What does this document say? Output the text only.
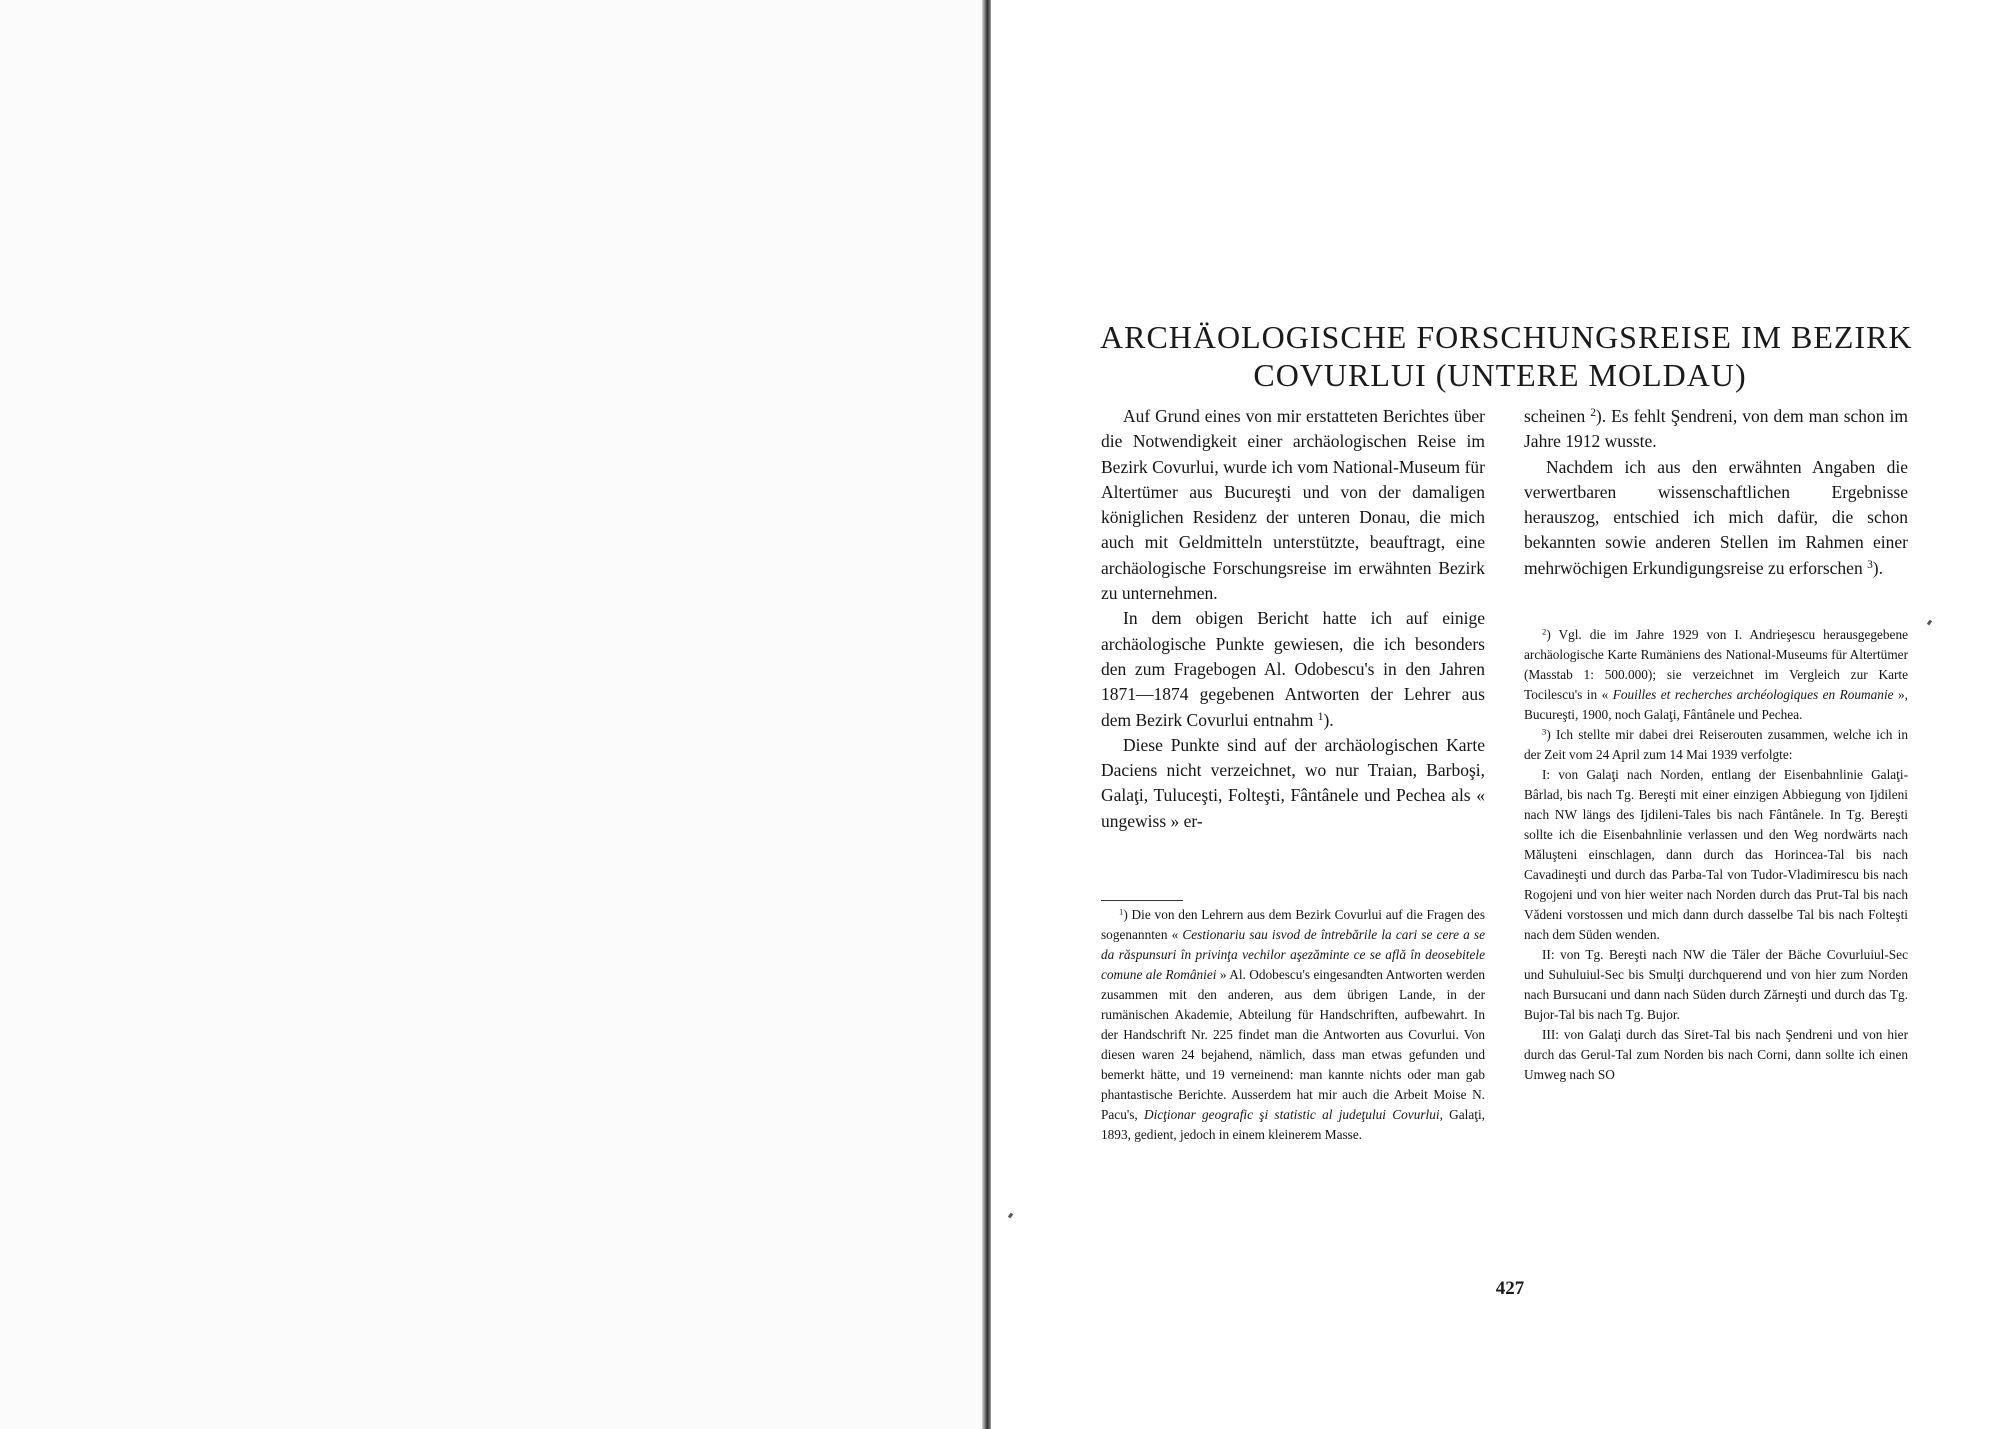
ARCHÄOLOGISCHE FORSCHUNGSREISE IM BEZIRK
COVURLUI (UNTERE MOLDAU)

Auf Grund eines von mir erstatteten Berichtes über die Notwendigkeit einer archäologischen Reise im Bezirk Covurlui, wurde ich vom National-Museum für Altertümer aus Bucureşti und von der damaligen königlichen Residenz der unteren Donau, die mich auch mit Geldmitteln unterstützte, beauftragt, eine archäologische Forschungsreise im erwähnten Bezirk zu unternehmen.

In dem obigen Bericht hatte ich auf einige archäologische Punkte gewiesen, die ich besonders den zum Fragebogen Al. Odobescu's in den Jahren 1871—1874 gegebenen Antworten der Lehrer aus dem Bezirk Covurlui entnahm $^1$).

Diese Punkte sind auf der archäologischen Karte Daciens nicht verzeichnet, wo nur Traian, Barboşi, Galaţi, Tuluceşti, Folteşti, Fântânele und Pechea als « ungewiss » er-

$^1$) Die von den Lehrern aus dem Bezirk Covurlui auf die Fragen des sogenannten « Cestionariu sau isvod de întrebările la cari se cere a se da răspunsuri în privinţa vechilor aşezăminte ce se află în deosebitele comune ale României » Al. Odobescu's eingesandten Antworten werden zusammen mit den anderen, aus dem übrigen Lande, in der rumänischen Akademie, Abteilung für Handschriften, aufbewahrt. In der Handschrift Nr. 225 findet man die Antworten aus Covurlui. Von diesen waren 24 bejahend, nämlich, dass man etwas gefunden und bemerkt hätte, und 19 verneinend: man kannte nichts oder man gab phantastische Berichte. Ausserdem hat mir auch die Arbeit Moise N. Pacu's, Dicţionar geografic şi statistic al judeţului Covurlui, Galaţi, 1893, gedient, jedoch in einem kleinerem Masse.

scheinen $^2$). Es fehlt Şendreni, von dem man schon im Jahre 1912 wusste.

Nachdem ich aus den erwähnten Angaben die verwertbaren wissenschaftlichen Ergebnisse herauszog, entschied ich mich dafür, die schon bekannten sowie anderen Stellen im Rahmen einer mehrwöchigen Erkundigungsreise zu erforschen $^3$).

$^2$) Vgl. die im Jahre 1929 von I. Andrieşescu herausgegebene archäologische Karte Rumäniens des National-Museums für Altertümer (Masstab 1: 500.000); sie verzeichnet im Vergleich zur Karte Tocilescu's in « Fouilles et recherches archéologiques en Roumanie », Bucureşti, 1900, noch Galaţi, Fântânele und Pechea.

$^3$) Ich stellte mir dabei drei Reiserouten zusammen, welche ich in der Zeit vom 24 April zum 14 Mai 1939 verfolgte:

I: von Galaţi nach Norden, entlang der Eisenbahnlinie Galaţi-Bârlad, bis nach Tg. Bereşti mit einer einzigen Abbiegung von Ijdileni nach NW längs des Ijdileni-Tales bis nach Fântânele. In Tg. Bereşti sollte ich die Eisenbahnlinie verlassen und den Weg nordwärts nach Măluşteni einschlagen, dann durch das Horincea-Tal bis nach Cavadineşti und durch das Parba-Tal von Tudor-Vladimirescu bis nach Rogojeni und von hier weiter nach Norden durch das Prut-Tal bis nach Vădeni vorstossen und mich dann durch dasselbe Tal bis nach Folteşti nach dem Süden wenden.

II: von Tg. Bereşti nach NW die Täler der Bäche Covurluiul-Sec und Suhuluiul-Sec bis Smulţi durchquerend und von hier zum Norden nach Bursucani und dann nach Süden durch Zărneşti und durch das Tg. Bujor-Tal bis nach Tg. Bujor.

III: von Galaţi durch das Siret-Tal bis nach Şendreni und von hier durch das Gerul-Tal zum Norden bis nach Corni, dann sollte ich einen Umweg nach SO

427
